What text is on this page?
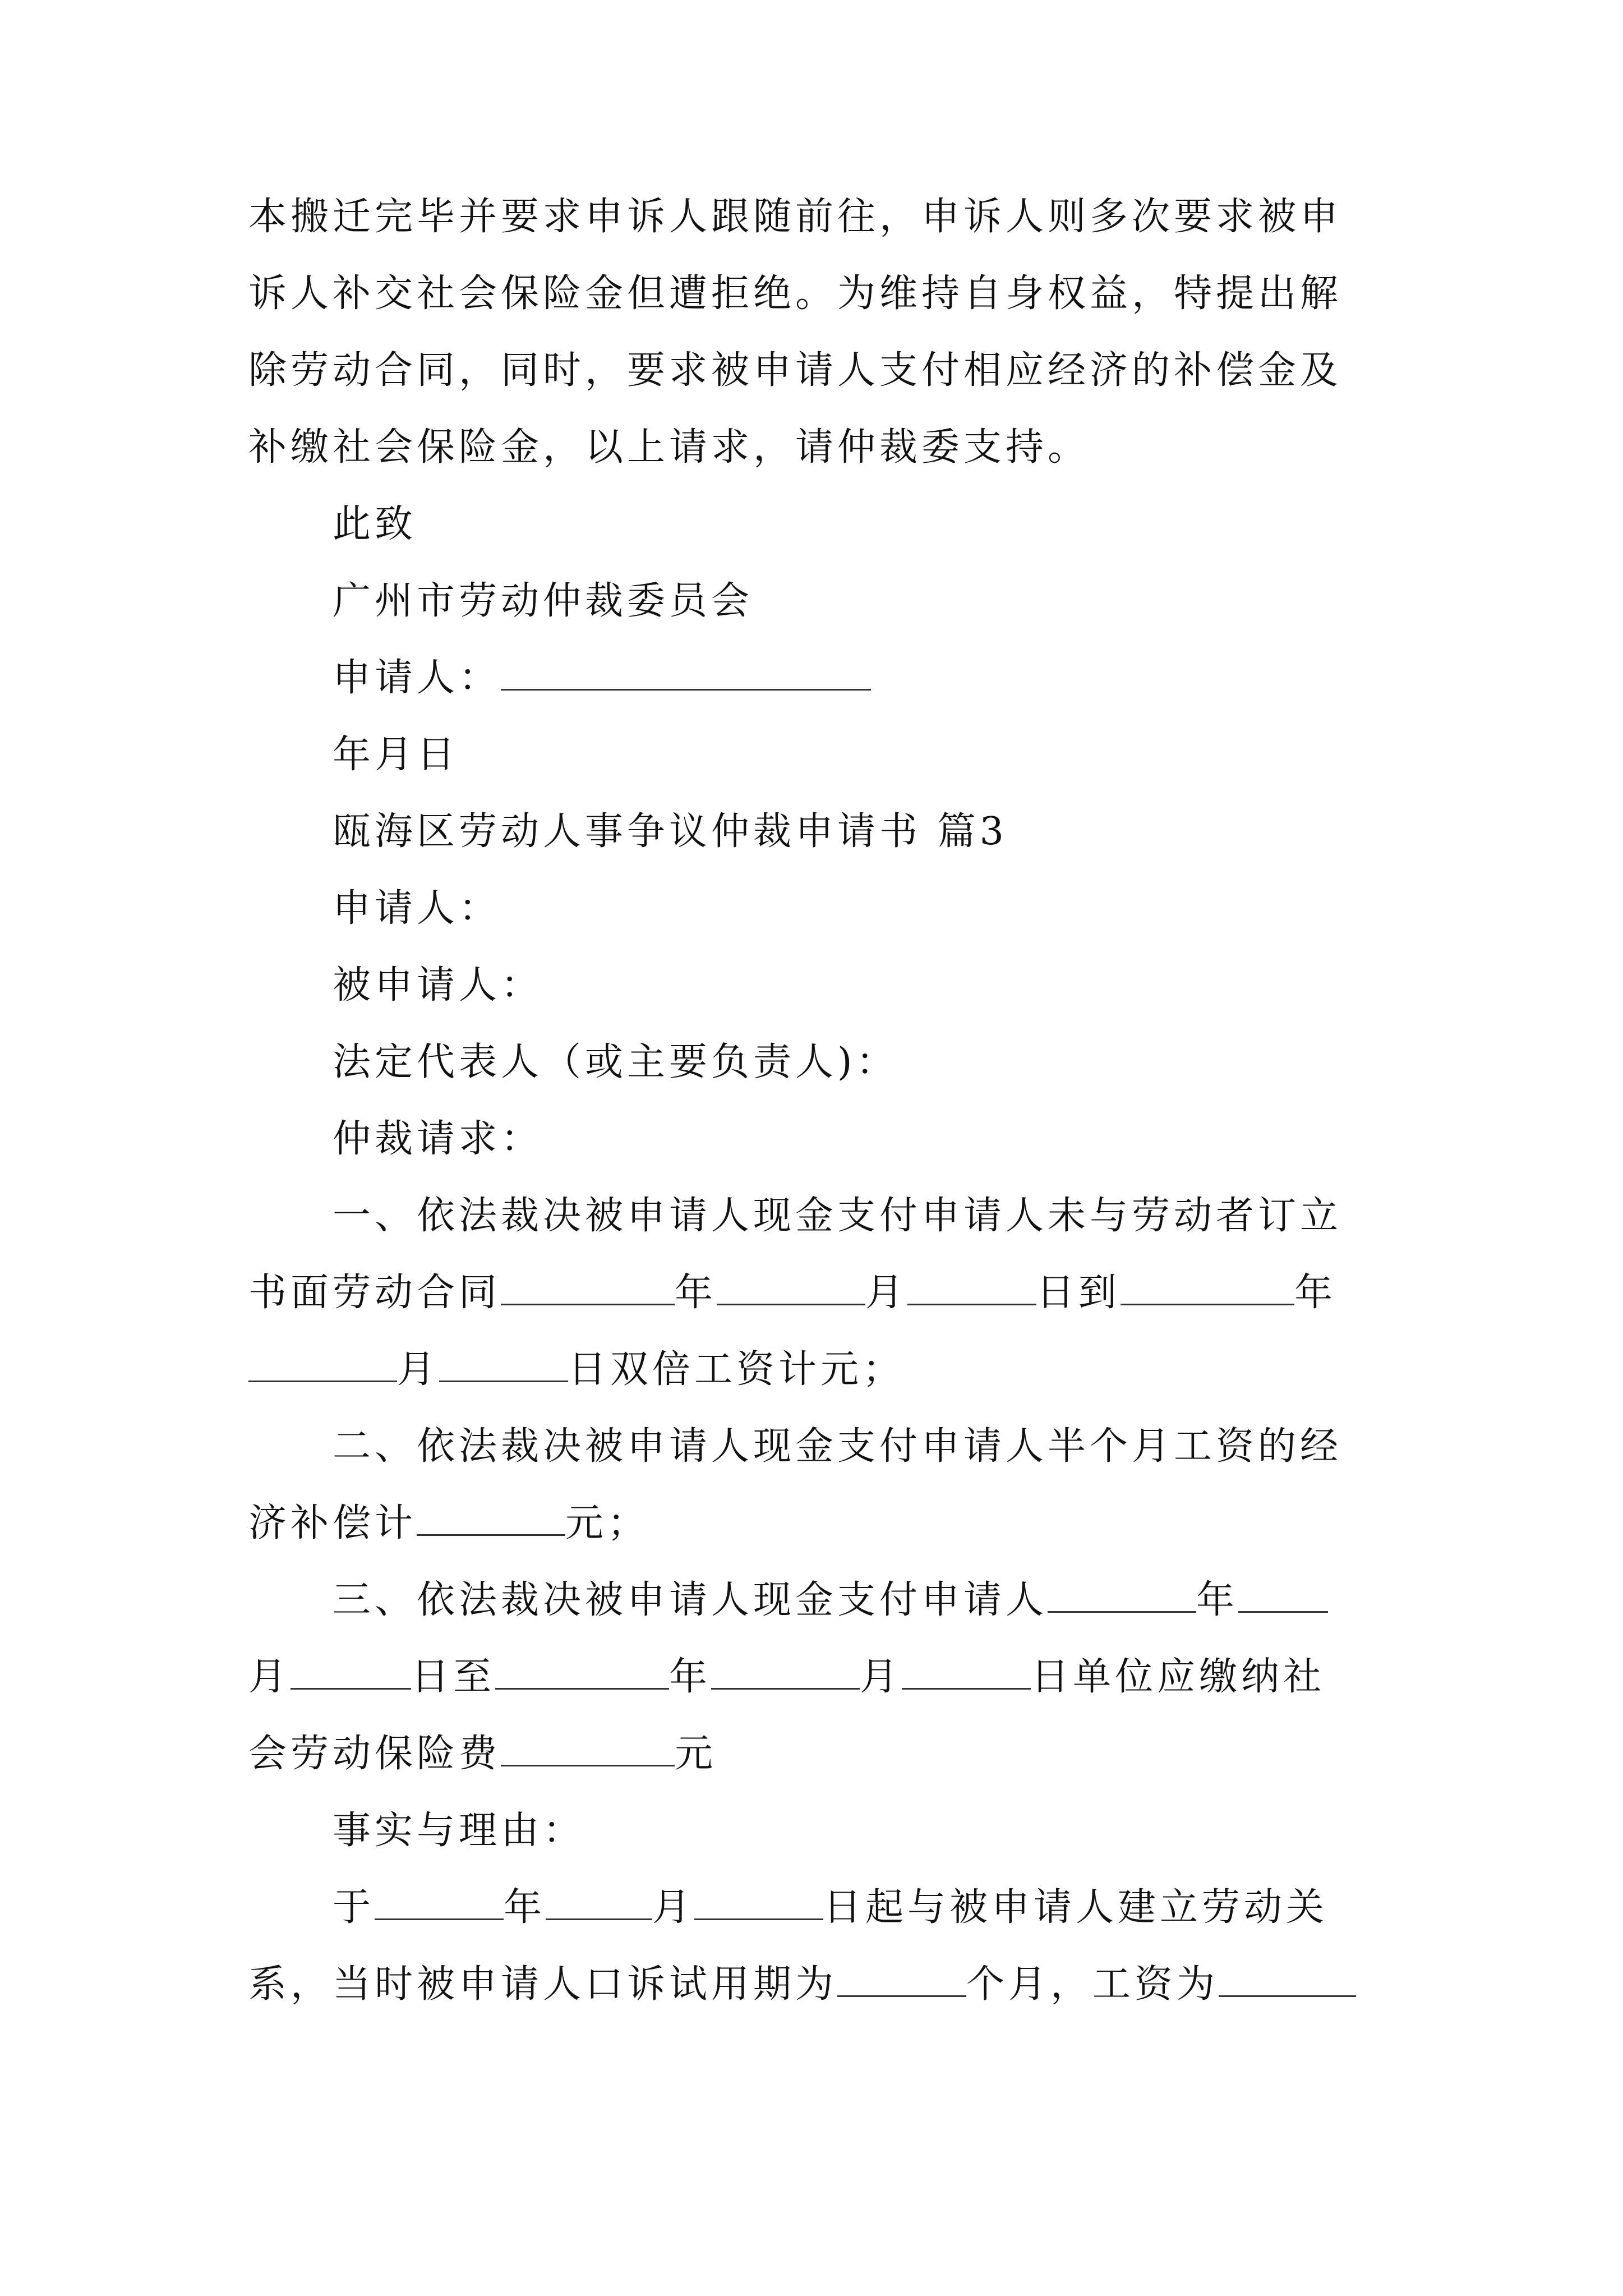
本搬迁完毕并要求申诉人跟随前往，申诉人则多次要求被申
诉人补交社会保险金但遭拒绝。为维持自身权益，特提出解
除劳动合同，同时，要求被申请人支付相应经济的补偿金及
补缴社会保险金，以上请求，请仲裁委支持。
此致
广州市劳动仲裁委员会
申请人：
年月日
瓯海区劳动人事争议仲裁申请书 篇3
申请人：
被申请人：
法定代表人（或主要负责人)：
仲裁请求：
一、依法裁决被申请人现金支付申请人未与劳动者订立
书面劳动合同	年	月	日到	年
月	日双倍工资计元；
二、依法裁决被申请人现金支付申请人半个月工资的经
济补偿计	元；
三、依法裁决被申请人现金支付申请人	年
月	日至	年	月	日单位应缴纳社
会劳动保险费	元
事实与理由：
于	年	月	日起与被申请人建立劳动关
系，当时被申请人口诉试用期为	个月，工资为
